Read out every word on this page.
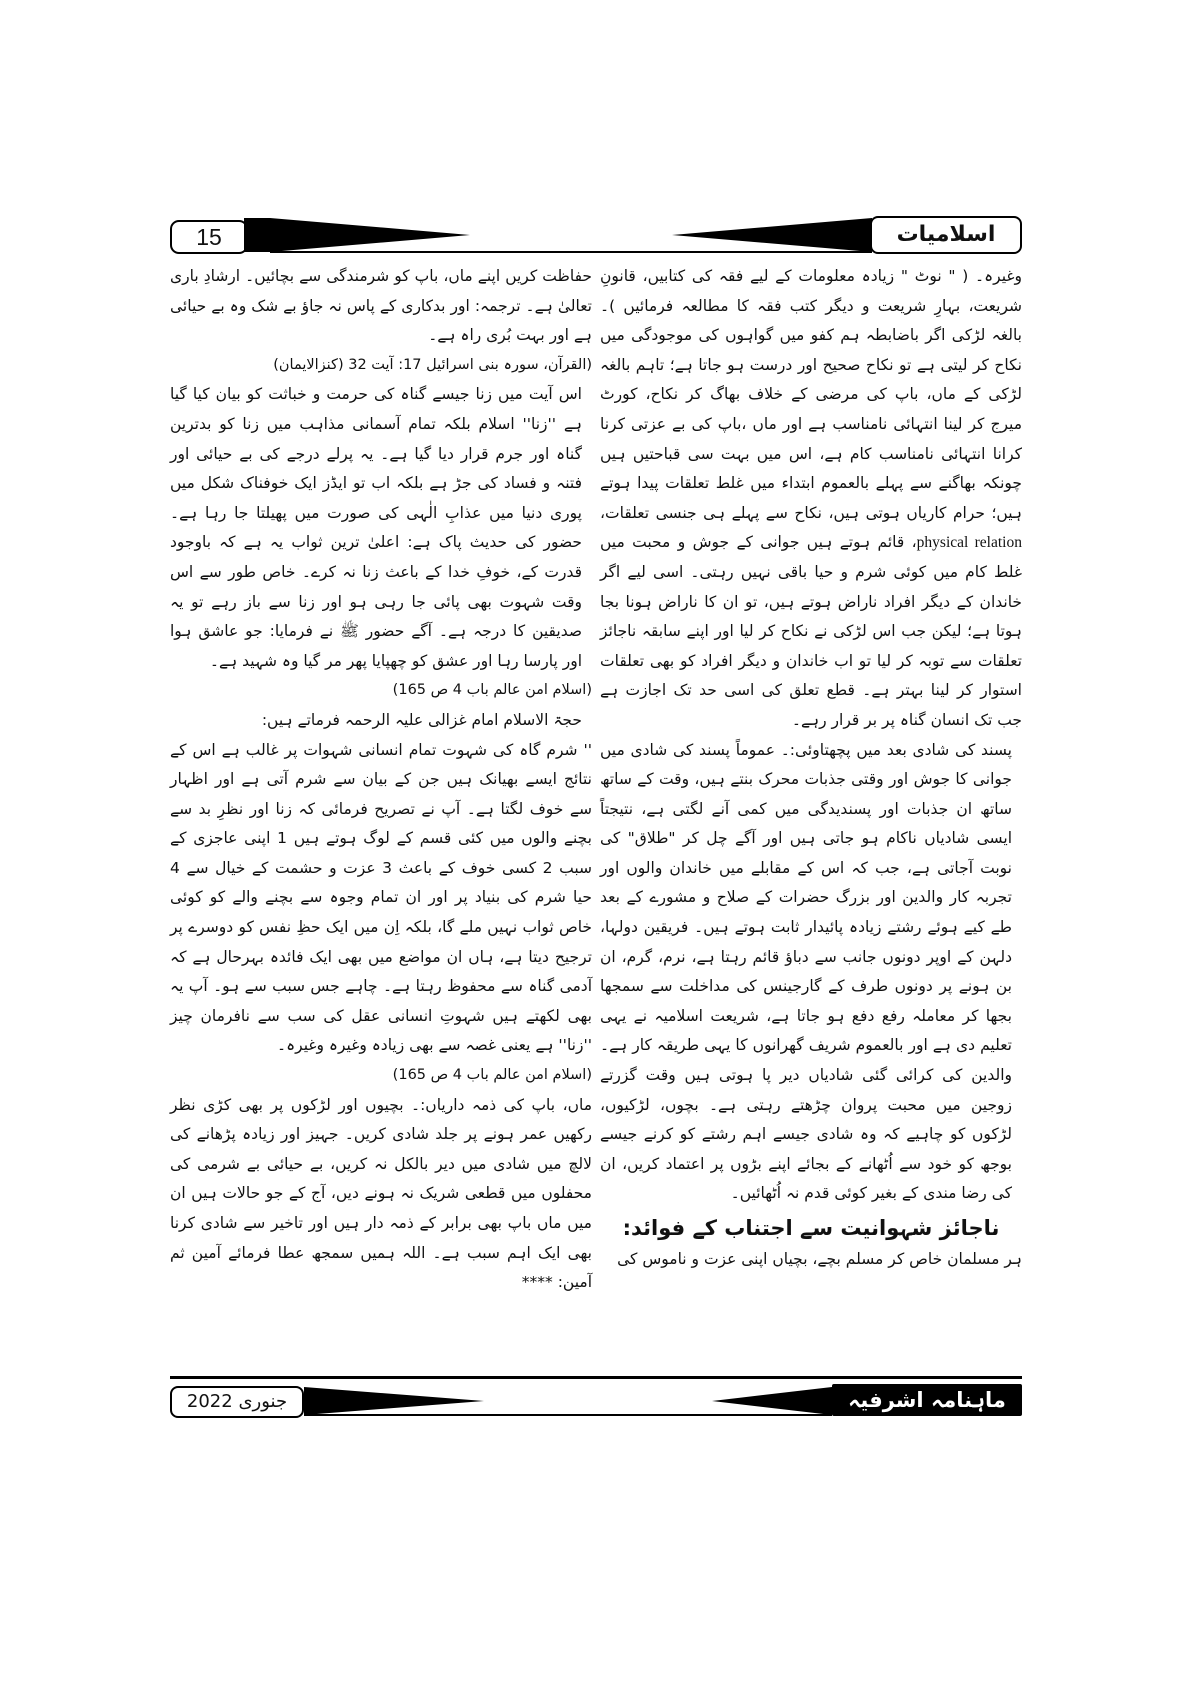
15	اسلامیات

وغیرہ۔ ( " نوٹ " زیادہ معلومات کے لیے فقہ کی کتابیں، قانونِ شریعت، بہارِ شریعت و دیگر کتب فقہ کا مطالعہ فرمائیں )۔ بالغہ لڑکی اگر باضابطہ ہم کفو میں گواہوں کی موجودگی میں نکاح کر لیتی ہے تو نکاح صحیح اور درست ہو جاتا ہے؛ تاہم بالغہ لڑکی کے ماں، باپ کی مرضی کے خلاف بھاگ کر نکاح، کورٹ میرج کر لینا انتہائی نامناسب ہے اور ماں ،باپ کی بے عزتی کرنا کرانا انتہائی نامناسب کام ہے، اس میں بہت سی قباحتیں ہیں چونکہ بھاگنے سے پہلے بالعموم ابتداء میں غلط تعلقات پیدا ہوتے ہیں؛ حرام کاریاں ہوتی ہیں، نکاح سے پہلے ہی جنسی تعلقات، physical relation، قائم ہوتے ہیں جوانی کے جوش و محبت میں غلط کام میں کوئی شرم و حیا باقی نہیں رہتی۔ اسی لیے اگر خاندان کے دیگر افراد ناراض ہوتے ہیں، تو ان کا ناراض ہونا بجا ہوتا ہے؛ لیکن جب اس لڑکی نے نکاح کر لیا اور اپنے سابقہ ناجائز تعلقات سے توبہ کر لیا تو اب خاندان و دیگر افراد کو بھی تعلقات استوار کر لینا بہتر ہے۔ قطع تعلق کی اسی حد تک اجازت ہے جب تک انسان گناہ پر بر قرار رہے۔

پسند کی شادی بعد میں پچھتاوئی:۔ عموماً پسند کی شادی میں جوانی کا جوش اور وقتی جذبات محرک بنتے ہیں، وقت کے ساتھ ساتھ ان جذبات اور پسندیدگی میں کمی آنے لگتی ہے، نتیجتاً ایسی شادیاں ناکام ہو جاتی ہیں اور آگے چل کر "طلاق" کی نوبت آجاتی ہے، جب کہ اس کے مقابلے میں خاندان والوں اور تجربہ کار والدین اور بزرگ حضرات کے صلاح و مشورے کے بعد طے کیے ہوئے رشتے زیادہ پائیدار ثابت ہوتے ہیں۔ فریقین دولہا، دلہن کے اوپر دونوں جانب سے دباؤ قائم رہتا ہے، نرم، گرم، ان بن ہونے پر دونوں طرف کے گارجینس کی مداخلت سے سمجھا بجھا کر معاملہ رفع دفع ہو جاتا ہے، شریعت اسلامیہ نے یہی تعلیم دی ہے اور بالعموم شریف گھرانوں کا یہی طریقہ کار ہے۔ والدین کی کرائی گئی شادیاں دیر پا ہوتی ہیں وقت گزرتے زوجین میں محبت پروان چڑھتے رہتی ہے۔ بچوں، لڑکیوں، لڑکوں کو چاہیے کہ وہ شادی جیسے اہم رشتے کو کرنے جیسے بوجھ کو خود سے اُٹھانے کے بجائے اپنے بڑوں پر اعتماد کریں، ان کی رضا مندی کے بغیر کوئی قدم نہ اُٹھائیں۔

ناجائز شہوانیت سے اجتناب کے فوائد:

ہر مسلمان خاص کر مسلم بچے، بچیاں اپنی عزت و ناموس کی

حفاظت کریں اپنے ماں، باپ کو شرمندگی سے بچائیں۔ ارشادِ باری تعالیٰ ہے۔ ترجمہ: اور بدکاری کے پاس نہ جاؤ بے شک وہ بے حیائی ہے اور بہت بُری راہ ہے۔

(القرآن، سورہ بنی اسرائیل 17: آیت 32 (کنزالایمان)

اس آیت میں زنا جیسے گناہ کی حرمت و خباثت کو بیان کیا گیا ہے ''زنا'' اسلام بلکہ تمام آسمانی مذاہب میں زنا کو بدترین گناہ اور جرم قرار دیا گیا ہے۔ یہ پرلے درجے کی بے حیائی اور فتنہ و فساد کی جڑ ہے بلکہ اب تو ایڈز ایک خوفناک شکل میں پوری دنیا میں عذابِ الٰہی کی صورت میں پھیلتا جا رہا ہے۔ حضور کی حدیث پاک ہے: اعلیٰ ترین ثواب یہ ہے کہ باوجود قدرت کے، خوفِ خدا کے باعث زنا نہ کرے۔ خاص طور سے اس وقت شہوت بھی پائی جا رہی ہو اور زنا سے باز رہے تو یہ صدیقین کا درجہ ہے۔ آگے حضور ﷺ نے فرمایا: جو عاشق ہوا اور پارسا رہا اور عشق کو چھپایا پھر مر گیا وہ شہید ہے۔

(اسلام امن عالم باب 4 ص 165)

حجۃ الاسلام امام غزالی علیہ الرحمہ فرماتے ہیں:

'' شرم گاہ کی شہوت تمام انسانی شہوات پر غالب ہے اس کے نتائج ایسے بھیانک ہیں جن کے بیان سے شرم آتی ہے اور اظہار سے خوف لگتا ہے۔ آپ نے تصریح فرمائی کہ زنا اور نظرِ بد سے بچنے والوں میں کئی قسم کے لوگ ہوتے ہیں 1 اپنی عاجزی کے سبب 2 کسی خوف کے باعث 3 عزت و حشمت کے خیال سے 4 حیا شرم کی بنیاد پر اور ان تمام وجوہ سے بچنے والے کو کوئی خاص ثواب نہیں ملے گا، بلکہ اِن میں ایک حظِ نفس کو دوسرے پر ترجیح دیتا ہے، ہاں ان مواضع میں بھی ایک فائدہ بہرحال ہے کہ آدمی گناہ سے محفوظ رہتا ہے۔ چاہے جس سبب سے ہو۔ آپ یہ بھی لکھتے ہیں شہوتِ انسانی عقل کی سب سے نافرمان چیز ''زنا'' ہے یعنی غصہ سے بھی زیادہ وغیرہ وغیرہ۔

(اسلام امن عالم باب 4 ص 165)

ماں، باپ کی ذمہ داریاں:۔ بچیوں اور لڑکوں پر بھی کڑی نظر رکھیں عمر ہونے پر جلد شادی کریں۔ جہیز اور زیادہ پڑھانے کی لالچ میں شادی میں دیر بالکل نہ کریں، بے حیائی بے شرمی کی محفلوں میں قطعی شریک نہ ہونے دیں، آج کے جو حالات ہیں ان میں ماں باپ بھی برابر کے ذمہ دار ہیں اور تاخیر سے شادی کرنا بھی ایک اہم سبب ہے۔ اللہ ہمیں سمجھ عطا فرمائے آمین ثم آمین: ****

جنوری 2022	ماہنامہ اشرفیہ
